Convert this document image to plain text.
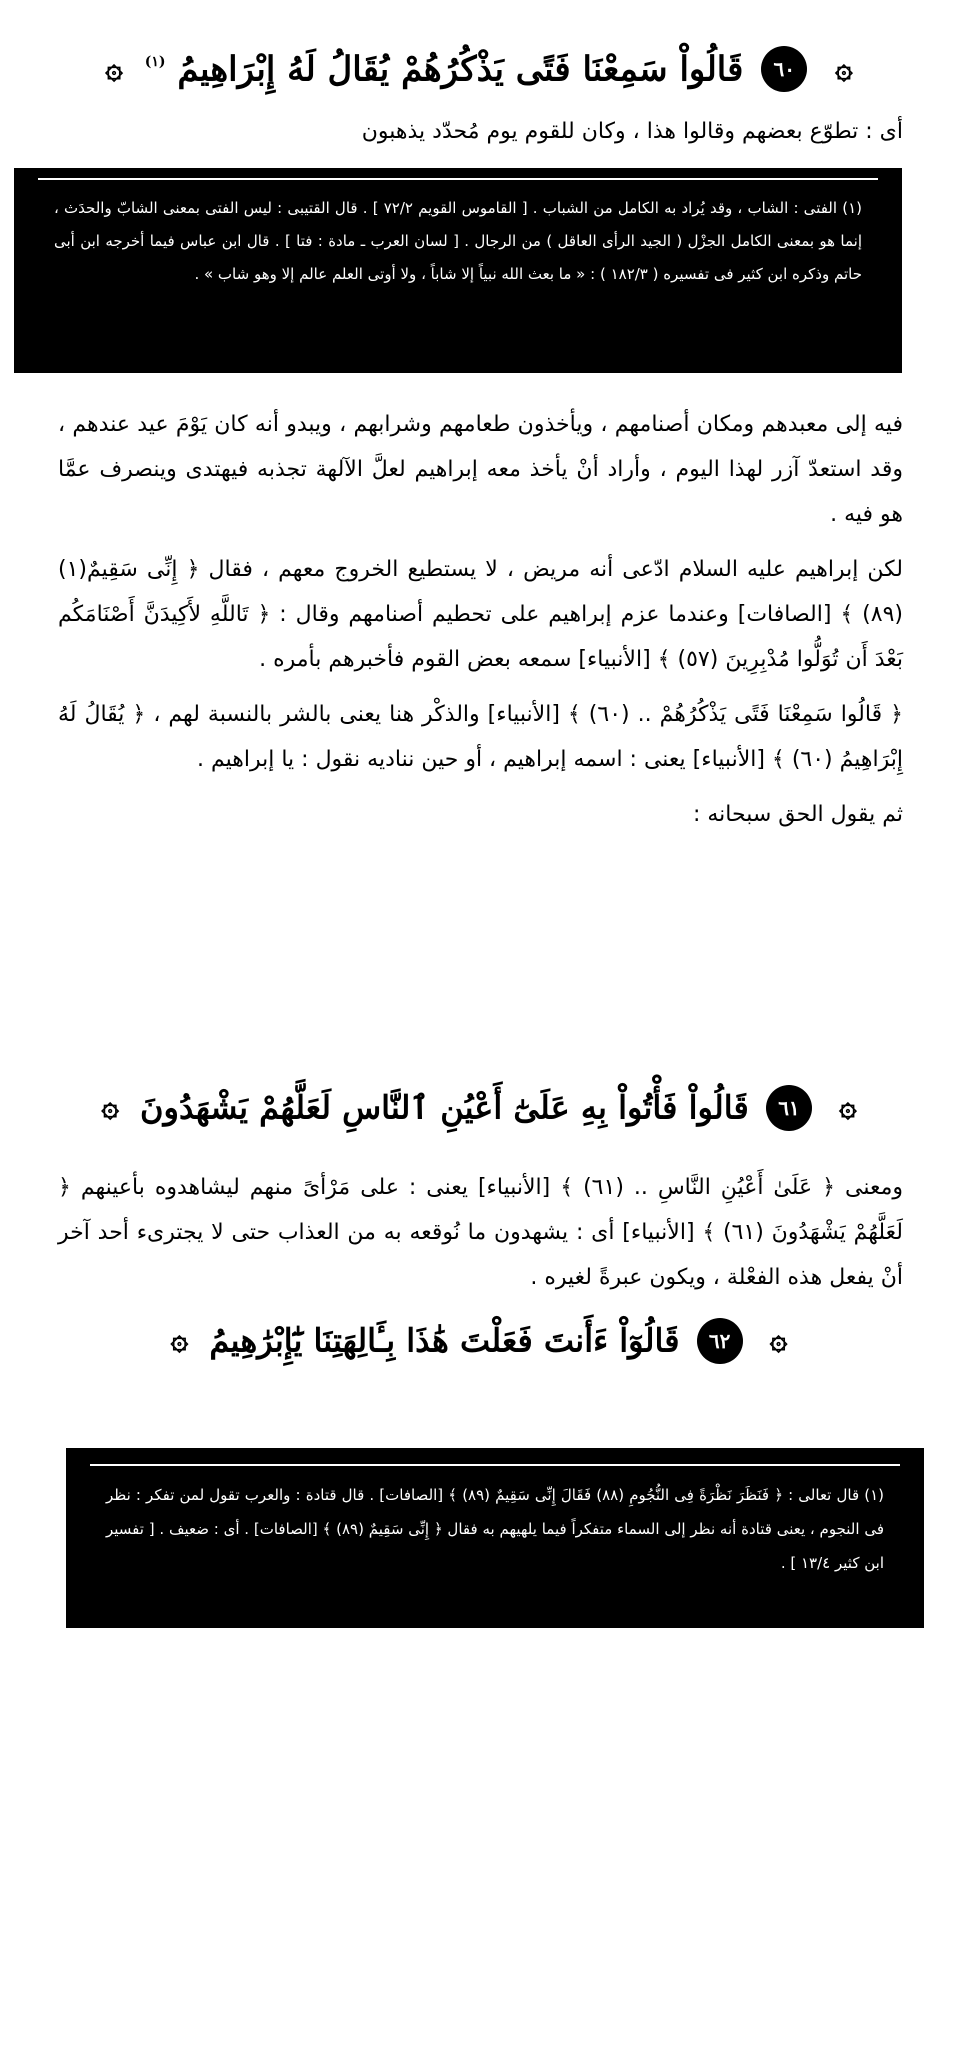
۞ ٦٠ قَالُواْ سَمِعْنَا فَتًى يَذْكُرُهُمْ يُقَالُ لَهُ إِبْرَاهِيمُ $^{(١)}$ ۞
أى : تطوّع بعضهم وقالوا هذا ، وكان للقوم يوم مُحدّد يذهبون

(١) الفتى : الشاب ، وقد يُراد به الكامل من الشباب . [ القاموس القويم ٧٢/٢ ] . قال القتيبى : ليس الفتى بمعنى الشابّ والحدَث ، إنما هو بمعنى الكامل الجزْل ( الجيد الرأى العاقل ) من الرجال . [ لسان العرب ـ مادة : فتا ] . قال ابن عباس فيما أخرجه ابن أبى حاتم وذكره ابن كثير فى تفسيره ( ١٨٢/٣ ) : « ما بعث الله نبياً إلا شاباً ، ولا أوتى العلم عالم إلا وهو شاب » .

فيه إلى معبدهم ومكان أصنامهم ، ويأخذون طعامهم وشرابهم ، ويبدو أنه كان يَوْمَ عيد عندهم ، وقد استعدّ آزر لهذا اليوم ، وأراد أنْ يأخذ معه إبراهيم لعلَّ الآلهة تجذبه فيهتدى وينصرف عمَّا هو فيه .

لكن إبراهيم عليه السلام ادّعى أنه مريض ، لا يستطيع الخروج معهم ، فقال ﴿ إِنِّى سَقِيمٌ(١) (٨٩) ﴾ [الصافات] وعندما عزم إبراهيم على تحطيم أصنامهم وقال : ﴿ تَاللَّهِ لأَكِيدَنَّ أَصْنَامَكُم بَعْدَ أَن تُوَلُّوا مُدْبِرِينَ (٥٧) ﴾ [الأنبياء] سمعه بعض القوم فأخبرهم بأمره .

﴿ قَالُوا سَمِعْنَا فَتًى يَذْكُرُهُمْ .. (٦٠) ﴾ [الأنبياء] والذكْر هنا يعنى بالشر بالنسبة لهم ، ﴿ يُقَالُ لَهُ إِبْرَاهِيمُ (٦٠) ﴾ [الأنبياء] يعنى : اسمه إبراهيم ، أو حين نناديه نقول : يا إبراهيم .

ثم يقول الحق سبحانه :

۞ ٦١ قَالُواْ فَأْتُواْ بِهِ عَلَىٰٓ أَعْيُنِ ٱلنَّاسِ لَعَلَّهُمْ يَشْهَدُونَ ۞

ومعنى ﴿ عَلَىٰ أَعْيُنِ النَّاسِ .. (٦١) ﴾ [الأنبياء] يعنى : على مَرْأىً منهم ليشاهدوه بأعينهم ﴿ لَعَلَّهُمْ يَشْهَدُونَ (٦١) ﴾ [الأنبياء] أى : يشهدون ما نُوقعه به من العذاب حتى لا يجترىء أحد آخر أنْ يفعل هذه الفعْلة ، ويكون عبرةً لغيره .

۞ ٦٢ قَالُوٓاْ ءَأَنتَ فَعَلْتَ هَٰذَا بِـَٔالِهَتِنَا يَٰٓإِبْرَٰهِيمُ ۞

(١) قال تعالى : ﴿ فَنَظَرَ نَظْرَةً فِى النُّجُومِ (٨٨) فَقَالَ إِنِّى سَقِيمٌ (٨٩) ﴾ [الصافات] . قال قتادة : والعرب تقول لمن تفكر : نظر فى النجوم ، يعنى قتادة أنه نظر إلى السماء متفكراً فيما يلهيهم به فقال ﴿ إِنِّى سَقِيمٌ (٨٩) ﴾ [الصافات] . أى : ضعيف . [ تفسير ابن كثير ١٣/٤ ] .
